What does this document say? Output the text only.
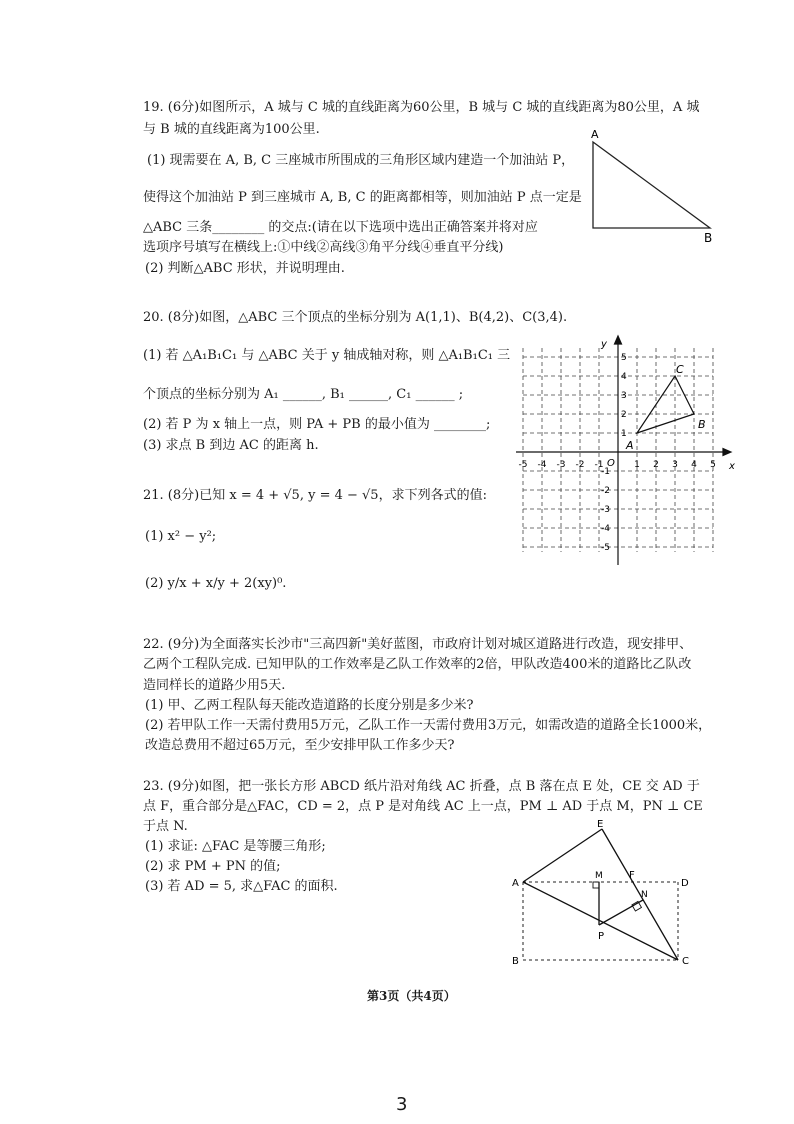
19. (6分)如图所示，A 城与 C 城的直线距离为60公里，B 城与 C 城的直线距离为80公里，A 城
与 B 城的直线距离为100公里.
(1) 现需要在 A, B, C 三座城市所围成的三角形区域内建造一个加油站 P，
使得这个加油站 P 到三座城市 A, B, C 的距离都相等，则加油站 P 点一定是
△ABC 三条________ 的交点:(请在以下选项中选出正确答案并将对应
选项序号填写在横线上:①中线②高线③角平分线④垂直平分线)
(2) 判断△ABC 形状，并说明理由.
A
B
20. (8分)如图，△ABC 三个顶点的坐标分别为 A(1,1)、B(4,2)、C(3,4).
(1) 若 △A₁B₁C₁ 与 △ABC 关于 y 轴成轴对称，则 △A₁B₁C₁ 三
个顶点的坐标分别为 A₁ ______, B₁ ______, C₁ ______ ;
(2) 若 P 为 x 轴上一点，则 PA + PB 的最小值为 ________;
(3) 求点 B 到边 AC 的距离 h.
y
x
O
A
B
C
-5 -4 -3 -2 -1	1 2 3 4 5
5
4
3
2
1
-1
-2
-3
-4
-5
21. (8分)已知 x = 4 + √5, y = 4 − √5，求下列各式的值:
(1) x² − y²;
(2) y/x + x/y + 2(xy)⁰.
22. (9分)为全面落实长沙市"三高四新"美好蓝图，市政府计划对城区道路进行改造，现安排甲、
乙两个工程队完成. 已知甲队的工作效率是乙队工作效率的2倍，甲队改造400米的道路比乙队改
造同样长的道路少用5天.
(1) 甲、乙两工程队每天能改造道路的长度分别是多少米?
(2) 若甲队工作一天需付费用5万元，乙队工作一天需付费用3万元，如需改造的道路全长1000米，
改造总费用不超过65万元，至少安排甲队工作多少天?
23. (9分)如图，把一张长方形 ABCD 纸片沿对角线 AC 折叠，点 B 落在点 E 处，CE 交 AD 于
点 F，重合部分是△FAC，CD = 2，点 P 是对角线 AC 上一点，PM ⊥ AD 于点 M，PN ⊥ CE
于点 N.
(1) 求证: △FAC 是等腰三角形;
(2) 求 PM + PN 的值;
(3) 若 AD = 5, 求△FAC 的面积.
E
A
B	C
D
F
M
N
P
第3页（共4页）
3
